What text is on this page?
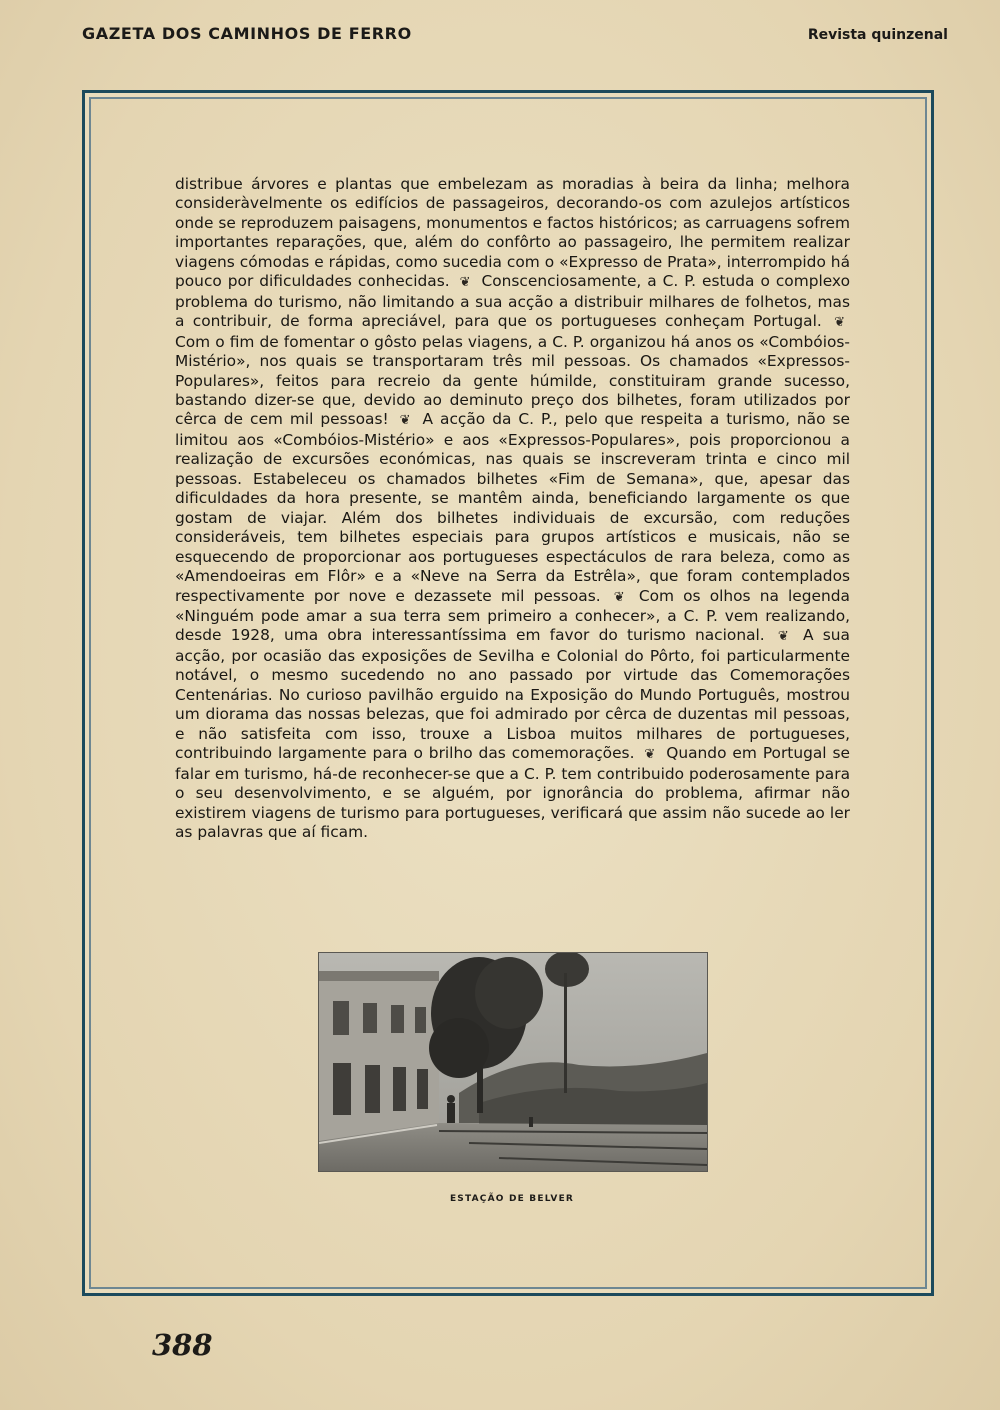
GAZETA DOS CAMINHOS DE FERRO	Revista quinzenal

distribue árvores e plantas que embelezam as moradias à beira da linha; melhora consideràvelmente os edifícios de passageiros, decorando-os com azulejos artísticos onde se reproduzem paisagens, monumentos e factos históricos; as carruagens sofrem importantes reparações, que, além do confôrto ao passageiro, lhe permitem realizar viagens cómodas e rápidas, como sucedia com o «Expresso de Prata», interrompido há pouco por dificuldades conhecidas. ❦ Conscenciosamente, a C. P. estuda o complexo problema do turismo, não limitando a sua acção a distribuir milhares de folhetos, mas a contribuir, de forma apreciável, para que os portugueses conheçam Portugal. ❦ Com o fim de fomentar o gôsto pelas viagens, a C. P. organizou há anos os «Combóios-Mistério», nos quais se transportaram três mil pessoas. Os chamados «Expressos-Populares», feitos para recreio da gente húmilde, constituiram grande sucesso, bastando dizer-se que, devido ao deminuto preço dos bilhetes, foram utilizados por cêrca de cem mil pessoas! ❦ A acção da C. P., pelo que respeita a turismo, não se limitou aos «Combóios-Mistério» e aos «Expressos-Populares», pois proporcionou a realização de excursões económicas, nas quais se inscreveram trinta e cinco mil pessoas. Estabeleceu os chamados bilhetes «Fim de Semana», que, apesar das dificuldades da hora presente, se mantêm ainda, beneficiando largamente os que gostam de viajar. Além dos bilhetes individuais de excursão, com reduções consideráveis, tem bilhetes especiais para grupos artísticos e musicais, não se esquecendo de proporcionar aos portugueses espectáculos de rara beleza, como as «Amendoeiras em Flôr» e a «Neve na Serra da Estrêla», que foram contemplados respectivamente por nove e dezassete mil pessoas. ❦ Com os olhos na legenda «Ninguém pode amar a sua terra sem primeiro a conhecer», a C. P. vem realizando, desde 1928, uma obra interessantíssima em favor do turismo nacional. ❦ A sua acção, por ocasião das exposições de Sevilha e Colonial do Pôrto, foi particularmente notável, o mesmo sucedendo no ano passado por virtude das Comemorações Centenárias. No curioso pavilhão erguido na Exposição do Mundo Português, mostrou um diorama das nossas belezas, que foi admirado por cêrca de duzentas mil pessoas, e não satisfeita com isso, trouxe a Lisboa muitos milhares de portugueses, contribuindo largamente para o brilho das comemorações. ❦ Quando em Portugal se falar em turismo, há-de reconhecer-se que a C. P. tem contribuido poderosamente para o seu desenvolvimento, e se alguém, por ignorância do problema, afirmar não existirem viagens de turismo para portugueses, verificará que assim não sucede ao ler as palavras que aí ficam.

ESTAÇÃO DE BELVER
388
